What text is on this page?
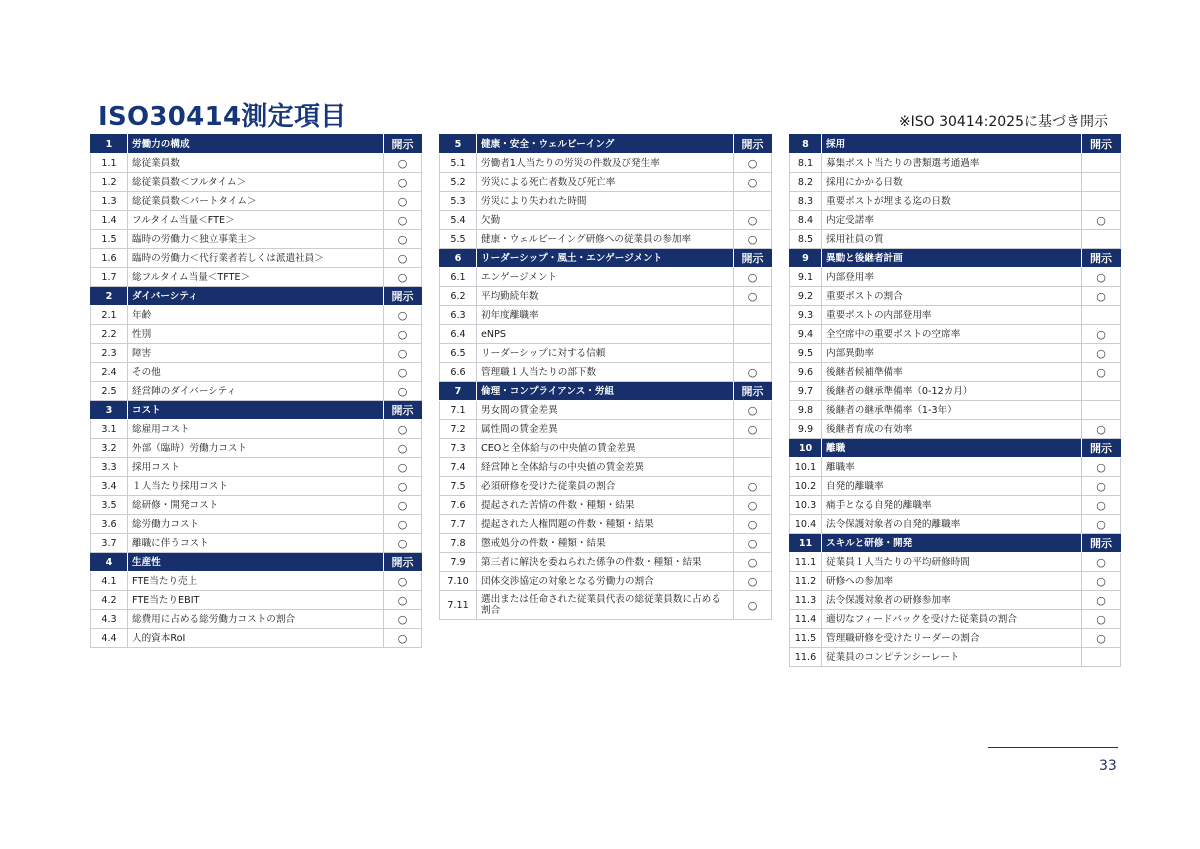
ISO30414測定項目	※ISO 30414:2025に基づき開示
1	労働力の構成	開示
1.1	総従業員数	○
1.2	総従業員数＜フルタイム＞	○
1.3	総従業員数＜パートタイム＞	○
1.4	フルタイム当量＜FTE＞	○
1.5	臨時の労働力＜独立事業主＞	○
1.6	臨時の労働力＜代行業者若しくは派遣社員＞	○
1.7	総フルタイム当量＜TFTE＞	○
2	ダイバーシティ	開示
2.1	年齢	○
2.2	性別	○
2.3	障害	○
2.4	その他	○
2.5	経営陣のダイバーシティ	○
3	コスト	開示
3.1	総雇用コスト	○
3.2	外部（臨時）労働力コスト	○
3.3	採用コスト	○
3.4	１人当たり採用コスト	○
3.5	総研修・開発コスト	○
3.6	総労働力コスト	○
3.7	離職に伴うコスト	○
4	生産性	開示
4.1	FTE当たり売上	○
4.2	FTE当たりEBIT	○
4.3	総費用に占める総労働力コストの割合	○
4.4	人的資本RoI	○
5	健康・安全・ウェルビーイング	開示
5.1	労働者1人当たりの労災の件数及び発生率	○
5.2	労災による死亡者数及び死亡率	○
5.3	労災により失われた時間	
5.4	欠勤	○
5.5	健康・ウェルビーイング研修への従業員の参加率	○
6	リーダーシップ・風土・エンゲージメント	開示
6.1	エンゲージメント	○
6.2	平均勤続年数	○
6.3	初年度離職率	
6.4	eNPS	
6.5	リーダーシップに対する信頼	
6.6	管理職１人当たりの部下数	○
7	倫理・コンプライアンス・労組	開示
7.1	男女間の賃金差異	○
7.2	属性間の賃金差異	○
7.3	CEOと全体給与の中央値の賃金差異	
7.4	経営陣と全体給与の中央値の賃金差異	
7.5	必須研修を受けた従業員の割合	○
7.6	提起された苦情の件数・種類・結果	○
7.7	提起された人権問題の件数・種類・結果	○
7.8	懲戒処分の件数・種類・結果	○
7.9	第三者に解決を委ねられた係争の件数・種類・結果	○
7.10	団体交渉協定の対象となる労働力の割合	○
7.11	選出または任命された従業員代表の総従業員数に占める割合	○
8	採用	開示
8.1	募集ポスト当たりの書類選考通過率	
8.2	採用にかかる日数	
8.3	重要ポストが埋まる迄の日数	
8.4	内定受諾率	○
8.5	採用社員の質	
9	異動と後継者計画	開示
9.1	内部登用率	○
9.2	重要ポストの割合	○
9.3	重要ポストの内部登用率	
9.4	全空席中の重要ポストの空席率	○
9.5	内部異動率	○
9.6	後継者候補準備率	○
9.7	後継者の継承準備率（0-12カ月）	
9.8	後継者の継承準備率（1-3年）	
9.9	後継者育成の有効率	○
10	離職	開示
10.1	離職率	○
10.2	自発的離職率	○
10.3	痛手となる自発的離職率	○
10.4	法令保護対象者の自発的離職率	○
11	スキルと研修・開発	開示
11.1	従業員１人当たりの平均研修時間	○
11.2	研修への参加率	○
11.3	法令保護対象者の研修参加率	○
11.4	適切なフィードバックを受けた従業員の割合	○
11.5	管理職研修を受けたリーダーの割合	○
11.6	従業員のコンピテンシーレート	
33
